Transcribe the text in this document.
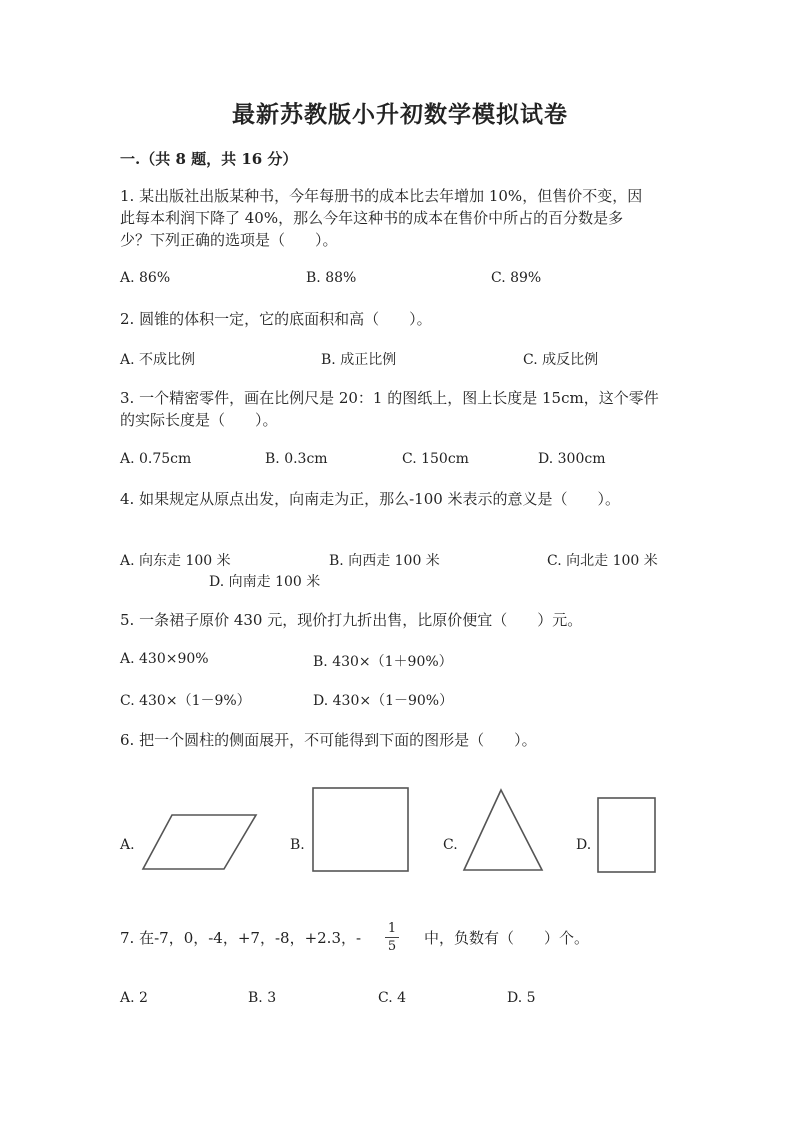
最新苏教版小升初数学模拟试卷
一.（共 8 题，共 16 分）
1. 某出版社出版某种书，今年每册书的成本比去年增加 10%，但售价不变，因
此每本利润下降了 40%，那么今年这种书的成本在售价中所占的百分数是多
少？下列正确的选项是（　　）。
A. 86%	B. 88%	C. 89%
2. 圆锥的体积一定，它的底面积和高（　　）。
A. 不成比例	B. 成正比例	C. 成反比例
3. 一个精密零件，画在比例尺是 20：1 的图纸上，图上长度是 15cm，这个零件
的实际长度是（　　）。
A. 0.75cm	B. 0.3cm	C. 150cm	D. 300cm
4. 如果规定从原点出发，向南走为正，那么-100 米表示的意义是（　　）。
A. 向东走 100 米	B. 向西走 100 米	C. 向北走 100 米
D. 向南走 100 米
5. 一条裙子原价 430 元，现价打九折出售，比原价便宜（　　）元。
A. 430×90%	B. 430×（1＋90%）
C. 430×（1－9%）	D. 430×（1－90%）
6. 把一个圆柱的侧面展开，不可能得到下面的图形是（　　）。
A.	B.	C.	D.
7. 在-7，0，-4，+7，-8，+2.3，-
1
5	中，负数有（　　）个。
A. 2	B. 3	C. 4	D. 5
